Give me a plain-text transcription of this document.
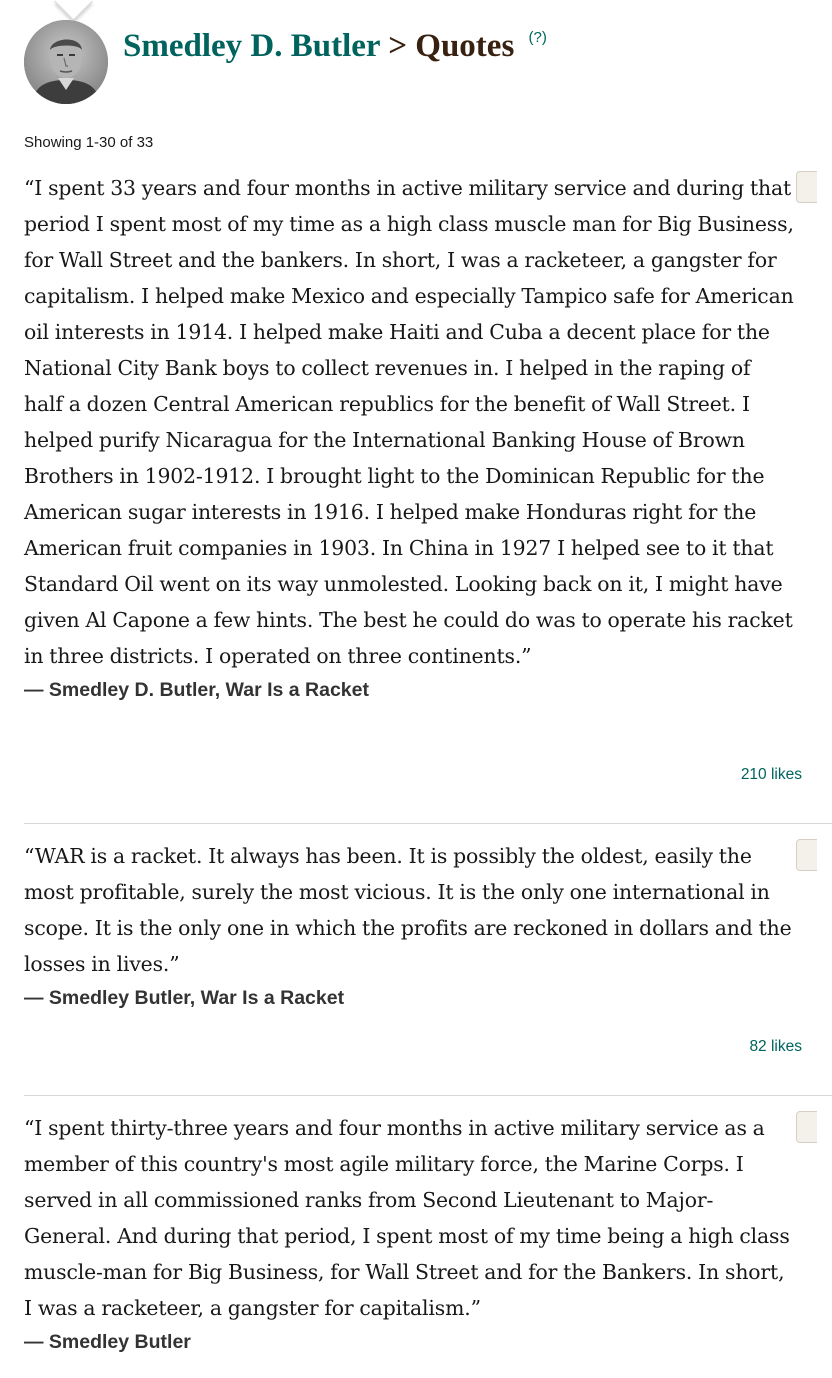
Smedley D. Butler > Quotes (?)
Showing 1-30 of 33
“I spent 33 years and four months in active military service and during that period I spent most of my time as a high class muscle man for Big Business, for Wall Street and the bankers. In short, I was a racketeer, a gangster for capitalism. I helped make Mexico and especially Tampico safe for American oil interests in 1914. I helped make Haiti and Cuba a decent place for the National City Bank boys to collect revenues in. I helped in the raping of half a dozen Central American republics for the benefit of Wall Street. I helped purify Nicaragua for the International Banking House of Brown Brothers in 1902-1912. I brought light to the Dominican Republic for the American sugar interests in 1916. I helped make Honduras right for the American fruit companies in 1903. In China in 1927 I helped see to it that Standard Oil went on its way unmolested. Looking back on it, I might have given Al Capone a few hints. The best he could do was to operate his racket in three districts. I operated on three continents.”
― Smedley D. Butler, War Is a Racket
210 likes
“WAR is a racket. It always has been. It is possibly the oldest, easily the most profitable, surely the most vicious. It is the only one international in scope. It is the only one in which the profits are reckoned in dollars and the losses in lives.”
― Smedley Butler, War Is a Racket
82 likes
“I spent thirty-three years and four months in active military service as a member of this country's most agile military force, the Marine Corps. I served in all commissioned ranks from Second Lieutenant to Major-General. And during that period, I spent most of my time being a high class muscle-man for Big Business, for Wall Street and for the Bankers. In short, I was a racketeer, a gangster for capitalism.”
― Smedley Butler
